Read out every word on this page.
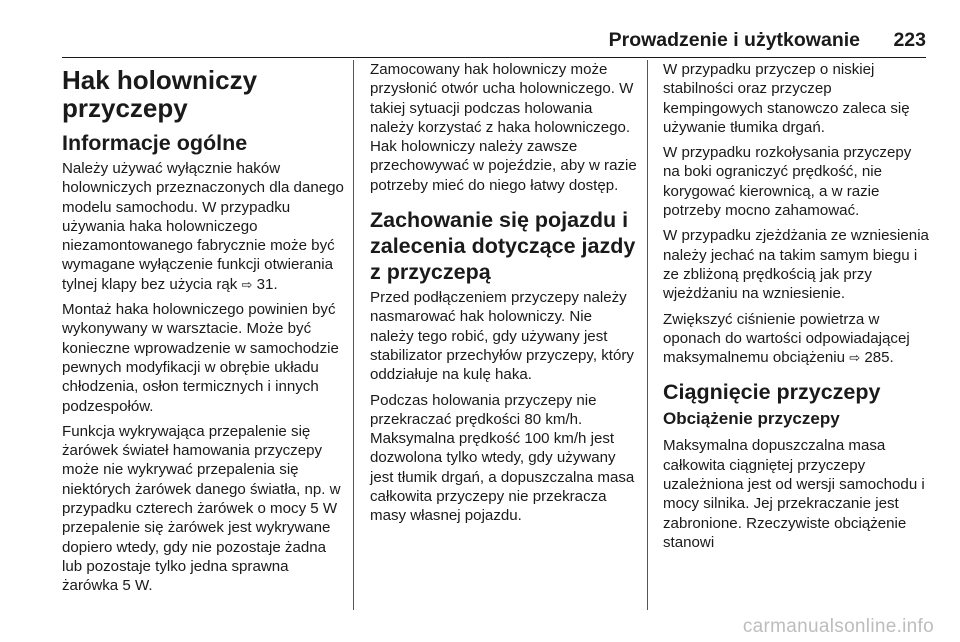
Prowadzenie i użytkowanie 223
Hak holowniczy przyczepy
Informacje ogólne
Należy używać wyłącznie haków holowniczych przeznaczonych dla danego modelu samochodu. W przypadku używania haka holowniczego niezamontowanego fabrycznie może być wymagane wyłączenie funkcji otwierania tylnej klapy bez użycia rąk ⇨ 31.
Montaż haka holowniczego powinien być wykonywany w warsztacie. Może być konieczne wprowadzenie w samochodzie pewnych modyfikacji w obrębie układu chłodzenia, osłon termicznych i innych podzespołów.
Funkcja wykrywająca przepalenie się żarówek świateł hamowania przyczepy może nie wykrywać przepalenia się niektórych żarówek danego światła, np. w przypadku czterech żarówek o mocy 5 W przepalenie się żarówek jest wykrywane dopiero wtedy, gdy nie pozostaje żadna lub pozostaje tylko jedna sprawna żarówka 5 W.
Zamocowany hak holowniczy może przysłonić otwór ucha holowniczego. W takiej sytuacji podczas holowania należy korzystać z haka holowniczego. Hak holowniczy należy zawsze przechowywać w pojeździe, aby w razie potrzeby mieć do niego łatwy dostęp.
Zachowanie się pojazdu i zalecenia dotyczące jazdy z przyczepą
Przed podłączeniem przyczepy należy nasmarować hak holowniczy. Nie należy tego robić, gdy używany jest stabilizator przechyłów przyczepy, który oddziałuje na kulę haka.
Podczas holowania przyczepy nie przekraczać prędkości 80 km/h. Maksymalna prędkość 100 km/h jest dozwolona tylko wtedy, gdy używany jest tłumik drgań, a dopuszczalna masa całkowita przyczepy nie przekracza masy własnej pojazdu.
W przypadku przyczep o niskiej stabilności oraz przyczep kempingowych stanowczo zaleca się używanie tłumika drgań.
W przypadku rozkołysania przyczepy na boki ograniczyć prędkość, nie korygować kierownicą, a w razie potrzeby mocno zahamować.
W przypadku zjeżdżania ze wzniesienia należy jechać na takim samym biegu i ze zbliżoną prędkością jak przy wjeżdżaniu na wzniesienie.
Zwiększyć ciśnienie powietrza w oponach do wartości odpowiadającej maksymalnemu obciążeniu ⇨ 285.
Ciągnięcie przyczepy
Obciążenie przyczepy
Maksymalna dopuszczalna masa całkowita ciągniętej przyczepy uzależniona jest od wersji samochodu i mocy silnika. Jej przekraczanie jest zabronione. Rzeczywiste obciążenie stanowi
carmanualsonline.info
